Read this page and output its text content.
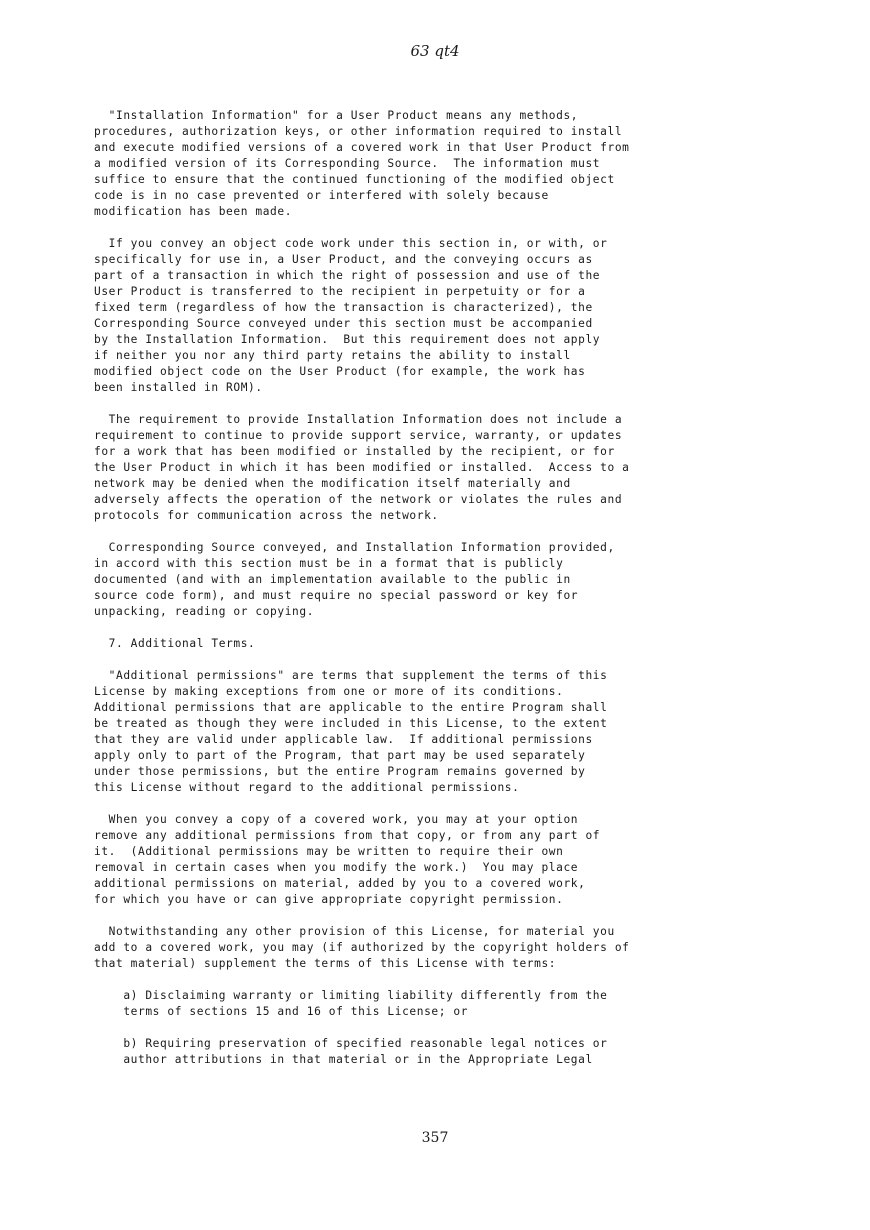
63 qt4
"Installation Information" for a User Product means any methods,
procedures, authorization keys, or other information required to install
and execute modified versions of a covered work in that User Product from
a modified version of its Corresponding Source.  The information must
suffice to ensure that the continued functioning of the modified object
code is in no case prevented or interfered with solely because
modification has been made.
If you convey an object code work under this section in, or with, or
specifically for use in, a User Product, and the conveying occurs as
part of a transaction in which the right of possession and use of the
User Product is transferred to the recipient in perpetuity or for a
fixed term (regardless of how the transaction is characterized), the
Corresponding Source conveyed under this section must be accompanied
by the Installation Information.  But this requirement does not apply
if neither you nor any third party retains the ability to install
modified object code on the User Product (for example, the work has
been installed in ROM).
The requirement to provide Installation Information does not include a
requirement to continue to provide support service, warranty, or updates
for a work that has been modified or installed by the recipient, or for
the User Product in which it has been modified or installed.  Access to a
network may be denied when the modification itself materially and
adversely affects the operation of the network or violates the rules and
protocols for communication across the network.
Corresponding Source conveyed, and Installation Information provided,
in accord with this section must be in a format that is publicly
documented (and with an implementation available to the public in
source code form), and must require no special password or key for
unpacking, reading or copying.
7. Additional Terms.
"Additional permissions" are terms that supplement the terms of this
License by making exceptions from one or more of its conditions.
Additional permissions that are applicable to the entire Program shall
be treated as though they were included in this License, to the extent
that they are valid under applicable law.  If additional permissions
apply only to part of the Program, that part may be used separately
under those permissions, but the entire Program remains governed by
this License without regard to the additional permissions.
When you convey a copy of a covered work, you may at your option
remove any additional permissions from that copy, or from any part of
it.  (Additional permissions may be written to require their own
removal in certain cases when you modify the work.)  You may place
additional permissions on material, added by you to a covered work,
for which you have or can give appropriate copyright permission.
Notwithstanding any other provision of this License, for material you
add to a covered work, you may (if authorized by the copyright holders of
that material) supplement the terms of this License with terms:
a) Disclaiming warranty or limiting liability differently from the
terms of sections 15 and 16 of this License; or
b) Requiring preservation of specified reasonable legal notices or
author attributions in that material or in the Appropriate Legal
357
